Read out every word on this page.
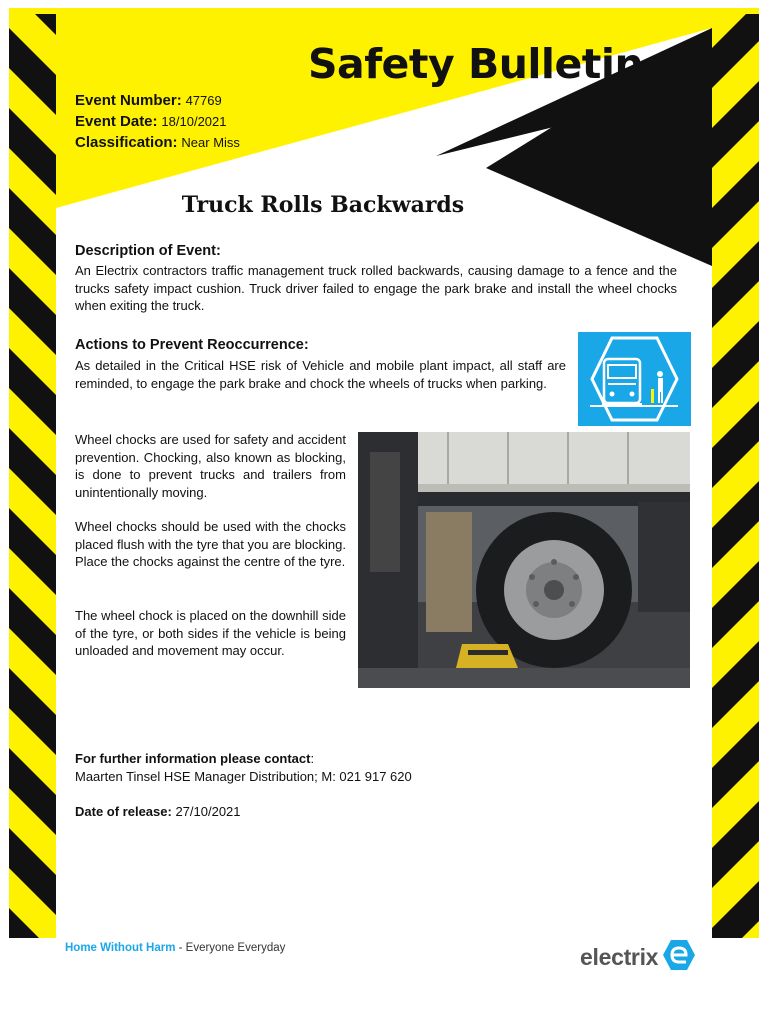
Safety Bulletin
Event Number: 47769
Event Date: 18/10/2021
Classification: Near Miss
Truck Rolls Backwards
Description of Event:
An Electrix contractors traffic management truck rolled backwards, causing damage to a fence and the trucks safety impact cushion. Truck driver failed to engage the park brake and install the wheel chocks when exiting the truck.
Actions to Prevent Reoccurrence:
As detailed in the Critical HSE risk of Vehicle and mobile plant impact, all staff are reminded, to engage the park brake and chock the wheels of trucks when parking.
Wheel chocks are used for safety and accident prevention. Chocking, also known as blocking, is done to prevent trucks and trailers from unintentionally moving.
Wheel chocks should be used with the chocks placed flush with the tyre that you are blocking. Place the chocks against the centre of the tyre.
The wheel chock is placed on the downhill side of the tyre, or both sides if the vehicle is being unloaded and movement may occur.
For further information please contact:
Maarten Tinsel HSE Manager Distribution; M: 021 917 620
Date of release: 27/10/2021
Home Without Harm - Everyone Everyday	electrix
